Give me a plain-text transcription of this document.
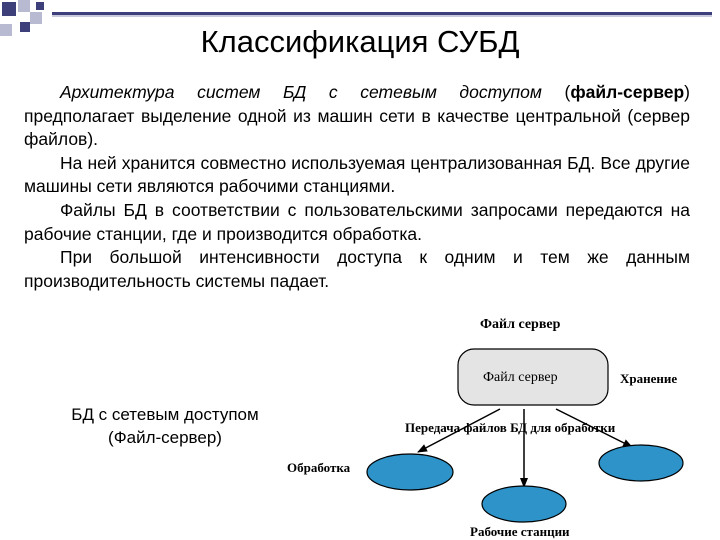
Классификация СУБД

Архитектура систем БД с сетевым доступом (файл-сервер) предполагает выделение одной из машин сети в качестве центральной (сервер файлов).

На ней хранится совместно используемая централизованная БД. Все другие машины сети являются рабочими станциями.

Файлы БД в соответствии с пользовательскими запросами передаются на рабочие станции, где и производится обработка.

При большой интенсивности доступа к одним и тем же данным производительность системы падает.

БД с сетевым доступом
(Файл-сервер)
Файл сервер
Файл сервер	Хранение
Передача файлов БД для обработки
Обработка
Рабочие станции
